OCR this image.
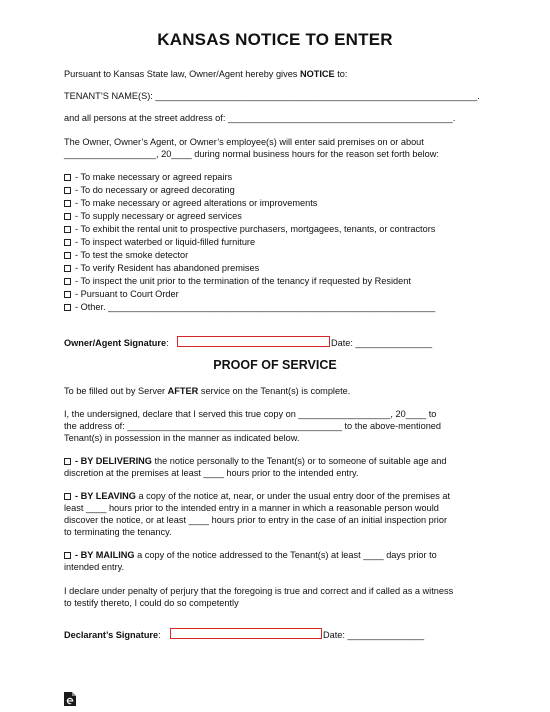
KANSAS NOTICE TO ENTER
Pursuant to Kansas State law, Owner/Agent hereby gives NOTICE to:
TENANT’S NAME(S): _______________________________________________________________.
and all persons at the street address of: ____________________________________________.
The Owner, Owner’s Agent, or Owner’s employee(s) will enter said premises on or about
__________________, 20____ during normal business hours for the reason set forth below:
- To make necessary or agreed repairs
- To do necessary or agreed decorating
- To make necessary or agreed alterations or improvements
- To supply necessary or agreed services
- To exhibit the rental unit to prospective purchasers, mortgagees, tenants, or contractors
- To inspect waterbed or liquid-filled furniture
- To test the smoke detector
- To verify Resident has abandoned premises
- To inspect the unit prior to the termination of the tenancy if requested by Resident
- Pursuant to Court Order
- Other. ________________________________________________________________
Owner/Agent Signature:	Date: _______________
PROOF OF SERVICE
To be filled out by Server AFTER service on the Tenant(s) is complete.
I, the undersigned, declare that I served this true copy on __________________, 20____ to
the address of: __________________________________________ to the above-mentioned
Tenant(s) in possession in the manner as indicated below.
- BY DELIVERING the notice personally to the Tenant(s) or to someone of suitable age and
discretion at the premises at least ____ hours prior to the intended entry.
- BY LEAVING a copy of the notice at, near, or under the usual entry door of the premises at
least ____ hours prior to the intended entry in a manner in which a reasonable person would
discover the notice, or at least ____ hours prior to entry in the case of an initial inspection prior
to terminating the tenancy.
- BY MAILING a copy of the notice addressed to the Tenant(s) at least ____ days prior to
intended entry.
I declare under penalty of perjury that the foregoing is true and correct and if called as a witness
to testify thereto, I could do so competently
Declarant’s Signature:	Date: _______________
